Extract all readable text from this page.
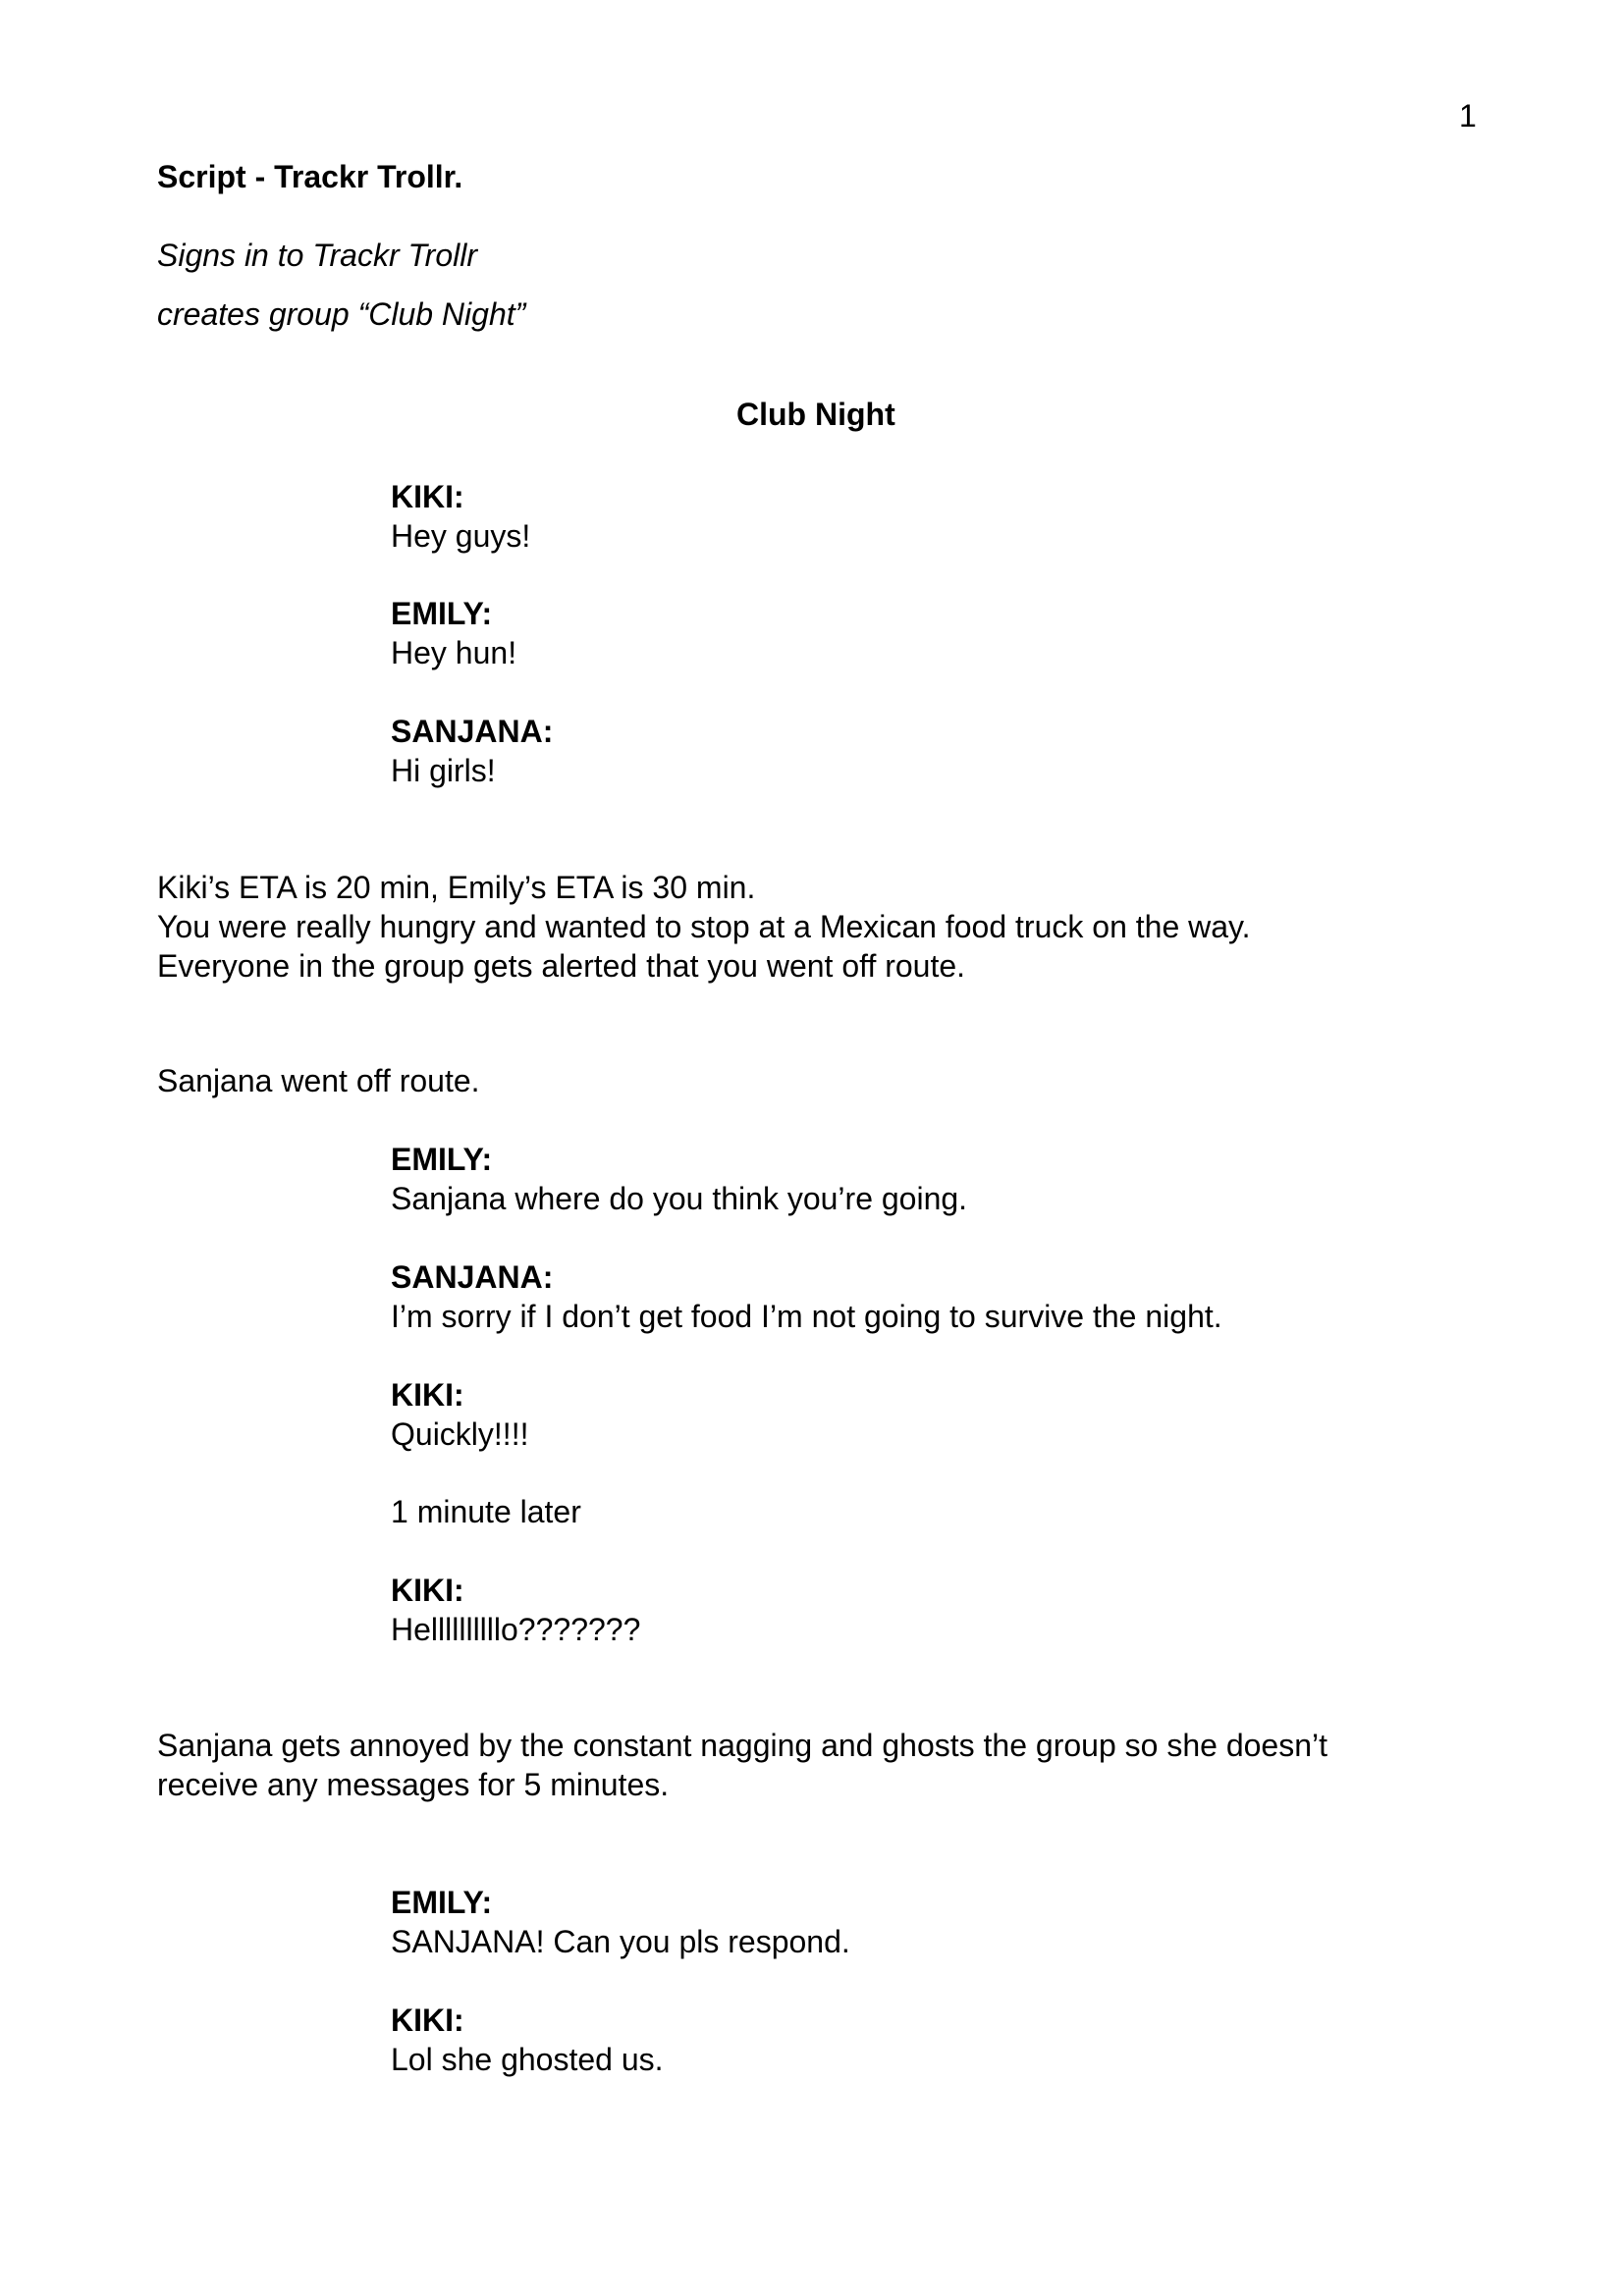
1
Script - Trackr Trollr.
Signs in to Trackr Trollr
creates group “Club Night”
Club Night
KIKI:
Hey guys!
EMILY:
Hey hun!
SANJANA:
Hi girls!
Kiki’s ETA is 20 min, Emily’s ETA is 30 min.
You were really hungry and wanted to stop at a Mexican food truck on the way.
Everyone in the group gets alerted that you went off route.
Sanjana went off route.
EMILY:
Sanjana where do you think you’re going.
SANJANA:
I’m sorry if I don’t get food I’m not going to survive the night.
KIKI:
Quickly!!!!
1 minute later
KIKI:
Hellllllllllo???????
Sanjana gets annoyed by the constant nagging and ghosts the group so she doesn’t
receive any messages for 5 minutes.
EMILY:
SANJANA! Can you pls respond.
KIKI:
Lol she ghosted us.
